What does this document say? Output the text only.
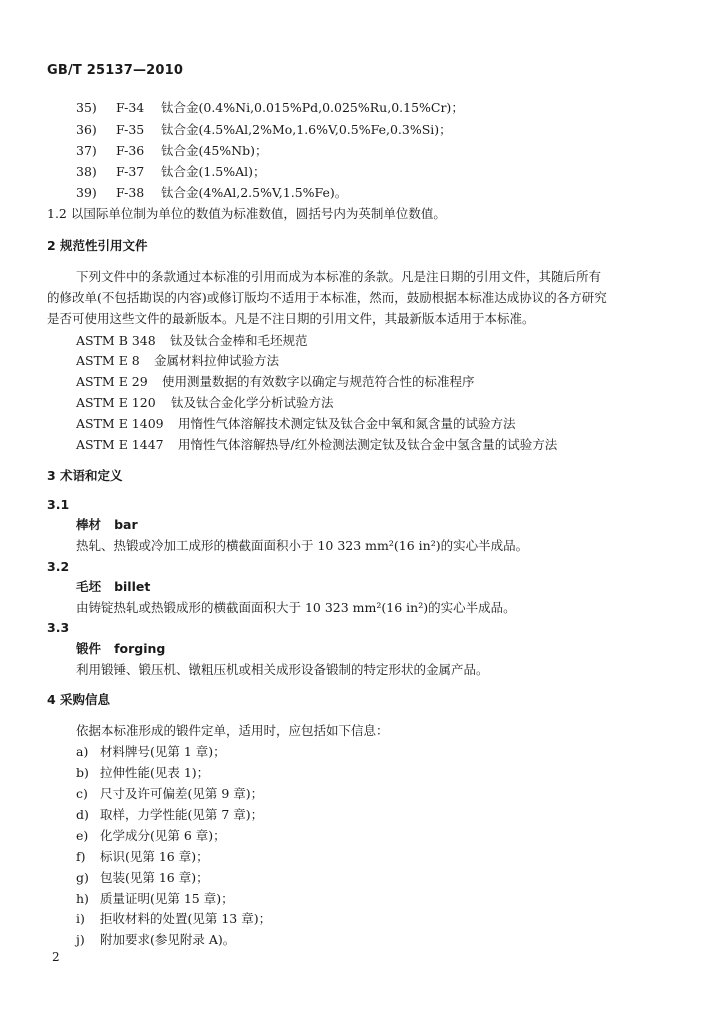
GB/T 25137—2010
35) F-34 钛合金(0.4%Ni,0.015%Pd,0.025%Ru,0.15%Cr)；
36) F-35 钛合金(4.5%Al,2%Mo,1.6%V,0.5%Fe,0.3%Si)；
37) F-36 钛合金(45%Nb)；
38) F-37 钛合金(1.5%Al)；
39) F-38 钛合金(4%Al,2.5%V,1.5%Fe)。
1.2 以国际单位制为单位的数值为标准数值，圆括号内为英制单位数值。
2 规范性引用文件
下列文件中的条款通过本标准的引用而成为本标准的条款。凡是注日期的引用文件，其随后所有
的修改单(不包括勘误的内容)或修订版均不适用于本标准，然而，鼓励根据本标准达成协议的各方研究
是否可使用这些文件的最新版本。凡是不注日期的引用文件，其最新版本适用于本标准。
ASTM B 348 钛及钛合金棒和毛坯规范
ASTM E 8 金属材料拉伸试验方法
ASTM E 29 使用测量数据的有效数字以确定与规范符合性的标准程序
ASTM E 120 钛及钛合金化学分析试验方法
ASTM E 1409 用惰性气体溶解技术测定钛及钛合金中氧和氮含量的试验方法
ASTM E 1447 用惰性气体溶解热导/红外检测法测定钛及钛合金中氢含量的试验方法
3 术语和定义
3.1
棒材 bar
热轧、热锻或冷加工成形的横截面面积小于 10 323 mm²(16 in²)的实心半成品。
3.2
毛坯 billet
由铸锭热轧或热锻成形的横截面面积大于 10 323 mm²(16 in²)的实心半成品。
3.3
锻件 forging
利用锻锤、锻压机、镦粗压机或相关成形设备锻制的特定形状的金属产品。
4 采购信息
依据本标准形成的锻件定单，适用时，应包括如下信息：
a) 材料牌号(见第 1 章)；
b) 拉伸性能(见表 1)；
c) 尺寸及许可偏差(见第 9 章)；
d) 取样，力学性能(见第 7 章)；
e) 化学成分(见第 6 章)；
f) 标识(见第 16 章)；
g) 包装(见第 16 章)；
h) 质量证明(见第 15 章)；
i) 拒收材料的处置(见第 13 章)；
j) 附加要求(参见附录 A)。
2
